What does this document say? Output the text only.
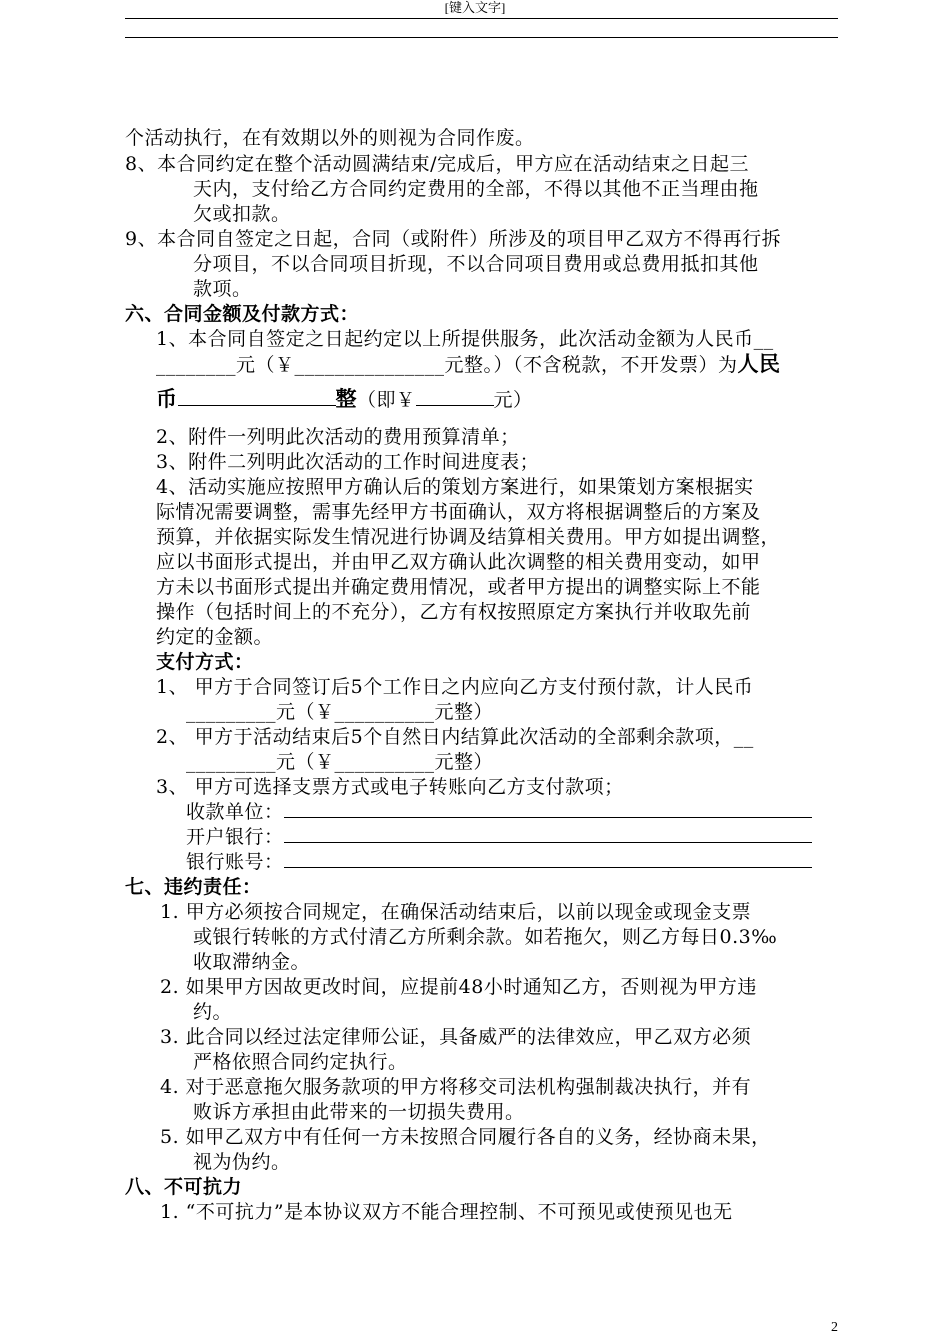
[键入文字]
个活动执行，在有效期以外的则视为合同作废。
8、本合同约定在整个活动圆满结束/完成后，甲方应在活动结束之日起三
天内，支付给乙方合同约定费用的全部，不得以其他不正当理由拖
欠或扣款。
9、本合同自签定之日起，合同（或附件）所涉及的项目甲乙双方不得再行拆
分项目，不以合同项目折现，不以合同项目费用或总费用抵扣其他
款项。
六、合同金额及付款方式：
1、本合同自签定之日起约定以上所提供服务，此次活动金额为人民币__
________元（￥_______________元整。）（不含税款，不开发票）为人民
币	整（即￥	元）
2、附件一列明此次活动的费用预算清单；
3、附件二列明此次活动的工作时间进度表；
4、活动实施应按照甲方确认后的策划方案进行，如果策划方案根据实
际情况需要调整，需事先经甲方书面确认，双方将根据调整后的方案及
预算，并依据实际发生情况进行协调及结算相关费用。甲方如提出调整，
应以书面形式提出，并由甲乙双方确认此次调整的相关费用变动，如甲
方未以书面形式提出并确定费用情况，或者甲方提出的调整实际上不能
操作（包括时间上的不充分），乙方有权按照原定方案执行并收取先前
约定的金额。
支付方式：
1、 甲方于合同签订后5个工作日之内应向乙方支付预付款，计人民币
_________元（￥__________元整）
2、 甲方于活动结束后5个自然日内结算此次活动的全部剩余款项，__
_________元（￥__________元整）
3、 甲方可选择支票方式或电子转账向乙方支付款项；
收款单位：
开户银行：
银行账号：
七、违约责任：
1. 甲方必须按合同规定，在确保活动结束后，以前以现金或现金支票
或银行转帐的方式付清乙方所剩余款。如若拖欠，则乙方每日0.3‰
收取滞纳金。
2. 如果甲方因故更改时间，应提前48小时通知乙方，否则视为甲方违
约。
3. 此合同以经过法定律师公证，具备威严的法律效应，甲乙双方必须
严格依照合同约定执行。
4. 对于恶意拖欠服务款项的甲方将移交司法机构强制裁决执行，并有
败诉方承担由此带来的一切损失费用。
5. 如甲乙双方中有任何一方未按照合同履行各自的义务，经协商未果，
视为伪约。
八、不可抗力
1. “不可抗力”是本协议双方不能合理控制、不可预见或使预见也无
2
